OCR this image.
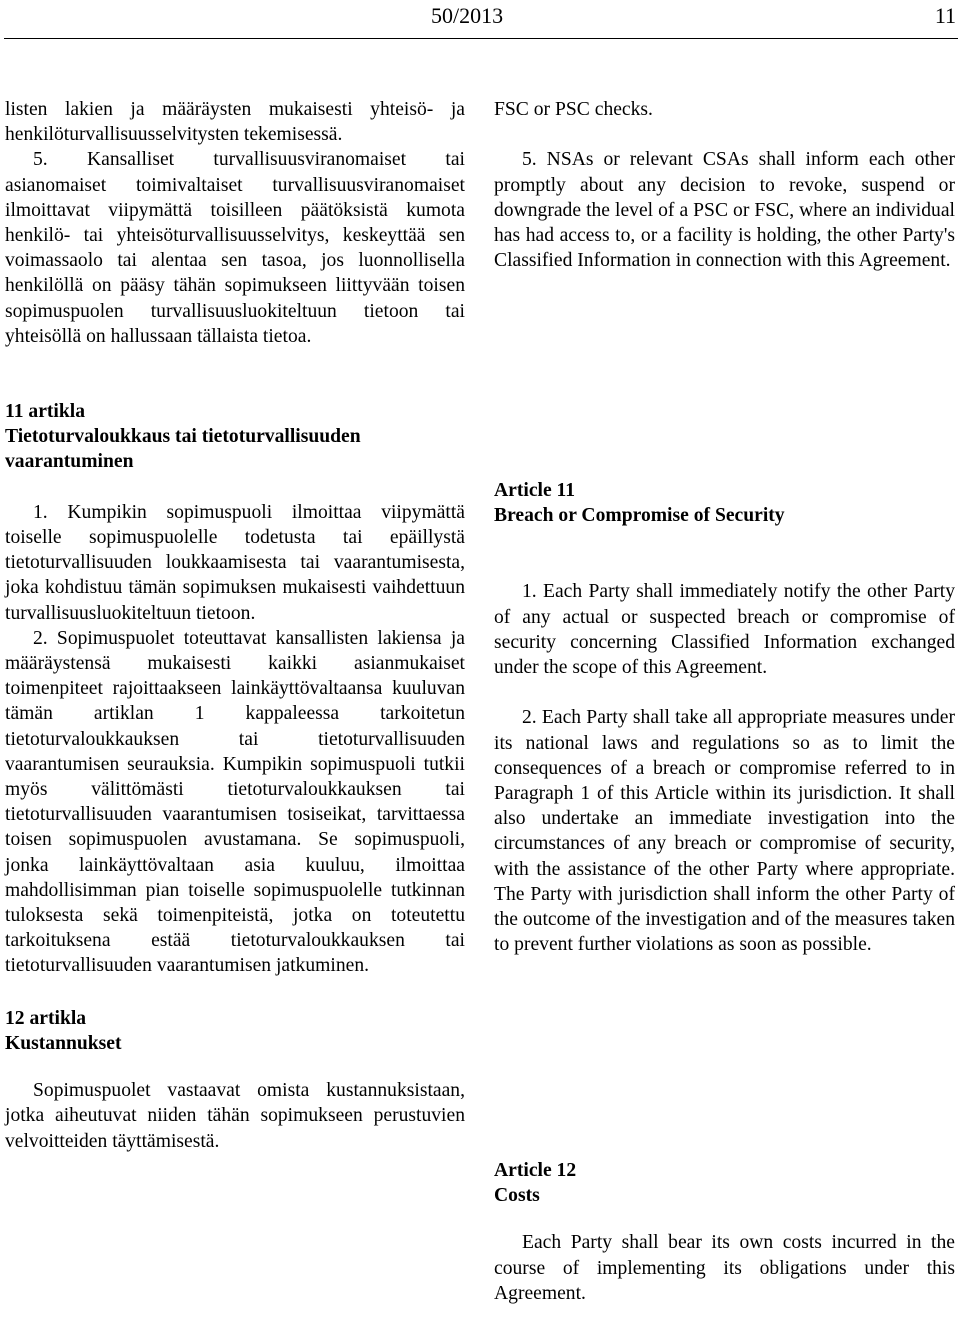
50/2013	11

listen lakien ja määräysten mukaisesti yhteisö- ja henkilöturvallisuusselvitysten tekemisessä.

5. Kansalliset turvallisuusviranomaiset tai asianomaiset toimivaltaiset turvallisuusviranomaiset ilmoittavat viipymättä toisilleen päätöksistä kumota henkilö- tai yhteisöturvallisuusselvitys, keskeyttää sen voimassaolo tai alentaa sen tasoa, jos luonnollisella henkilöllä on pääsy tähän sopimukseen liittyvään toisen sopimuspuolen turvallisuusluokiteltuun tietoon tai yhteisöllä on hallussaan tällaista tietoa.

11 artikla

Tietoturvaloukkaus tai tietoturvallisuuden vaarantuminen

1. Kumpikin sopimuspuoli ilmoittaa viipymättä toiselle sopimuspuolelle todetusta tai epäillystä tietoturvallisuuden loukkaamisesta tai vaarantumisesta, joka kohdistuu tämän sopimuksen mukaisesti vaihdettuun turvallisuusluokiteltuun tietoon.

2. Sopimuspuolet toteuttavat kansallisten lakiensa ja määräystensä mukaisesti kaikki asianmukaiset toimenpiteet rajoittaakseen lainkäyttövaltaansa kuuluvan tämän artiklan 1 kappaleessa tarkoitetun tietoturvaloukkauksen tai tietoturvallisuuden vaarantumisen seurauksia. Kumpikin sopimuspuoli tutkii myös välittömästi tietoturvaloukkauksen tai tietoturvallisuuden vaarantumisen tosiseikat, tarvittaessa toisen sopimuspuolen avustamana. Se sopimuspuoli, jonka lainkäyttövaltaan asia kuuluu, ilmoittaa mahdollisimman pian toiselle sopimuspuolelle tutkinnan tuloksesta sekä toimenpiteistä, jotka on toteutettu tarkoituksena estää tietoturvaloukkauksen tai tietoturvallisuuden vaarantumisen jatkuminen.

12 artikla

Kustannukset

Sopimuspuolet vastaavat omista kustannuksistaan, jotka aiheutuvat niiden tähän sopimukseen perustuvien velvoitteiden täyttämisestä.

FSC or PSC checks.

5. NSAs or relevant CSAs shall inform each other promptly about any decision to revoke, suspend or downgrade the level of a PSC or FSC, where an individual has had access to, or a facility is holding, the other Party's Classified Information in connection with this Agreement.

Article 11

Breach or Compromise of Security

1. Each Party shall immediately notify the other Party of any actual or suspected breach or compromise of security concerning Classified Information exchanged under the scope of this Agreement.

2. Each Party shall take all appropriate measures under its national laws and regulations so as to limit the consequences of a breach or compromise referred to in Paragraph 1 of this Article within its jurisdiction. It shall also undertake an immediate investigation into the circumstances of any breach or compromise of security, with the assistance of the other Party where appropriate. The Party with jurisdiction shall inform the other Party of the outcome of the investigation and of the measures taken to prevent further violations as soon as possible.

Article 12

Costs

Each Party shall bear its own costs incurred in the course of implementing its obligations under this Agreement.
